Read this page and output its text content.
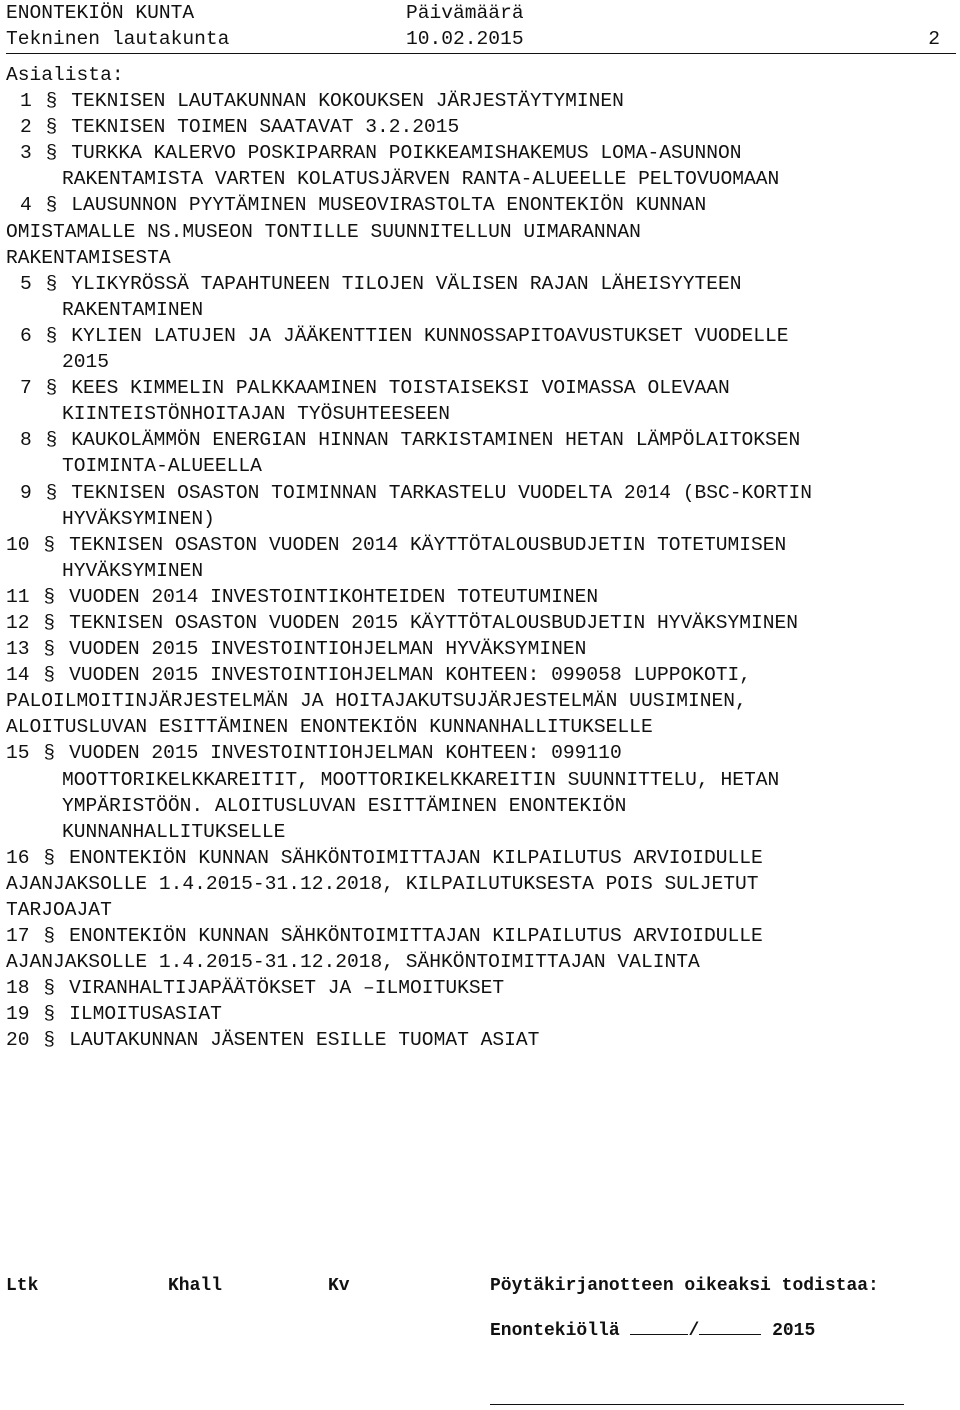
ENONTEKIÖN KUNTA
Tekninen lautakunta
Päivämäärä
10.02.2015	2
Asialista:
1 § TEKNISEN LAUTAKUNNAN KOKOUKSEN JÄRJESTÄYTYMINEN
2 § TEKNISEN TOIMEN SAATAVAT 3.2.2015
3 § TURKKA KALERVO POSKIPARRAN POIKKEAMISHAKEMUS LOMA-ASUNNON
RAKENTAMISTA VARTEN KOLATUSJÄRVEN RANTA-ALUEELLE PELTOVUOMAAN
4 § LAUSUNNON PYYTÄMINEN MUSEOVIRASTOLTA ENONTEKIÖN KUNNAN
OMISTAMALLE NS.MUSEON TONTILLE SUUNNITELLUN UIMARANNAN
RAKENTAMISESTA
5 § YLIKYRÖSSÄ TAPAHTUNEEN TILOJEN VÄLISEN RAJAN LÄHEISYYTEEN
RAKENTAMINEN
6 § KYLIEN LATUJEN JA JÄÄKENTTIEN KUNNOSSAPITOAVUSTUKSET VUODELLE
2015
7 § KEES KIMMELIN PALKKAAMINEN TOISTAISEKSI VOIMASSA OLEVAAN
KIINTEISTÖNHOITAJAN TYÖSUHTEESEEN
8 § KAUKOLÄMMÖN ENERGIAN HINNAN TARKISTAMINEN HETAN LÄMPÖLAITOKSEN
TOIMINTA-ALUEELLA
9 § TEKNISEN OSASTON TOIMINNAN TARKASTELU VUODELTA 2014 (BSC-KORTIN
HYVÄKSYMINEN)
10 § TEKNISEN OSASTON VUODEN 2014 KÄYTTÖTALOUSBUDJETIN TOTETUMISEN
HYVÄKSYMINEN
11 § VUODEN 2014 INVESTOINTIKOHTEIDEN TOTEUTUMINEN
12 § TEKNISEN OSASTON VUODEN 2015 KÄYTTÖTALOUSBUDJETIN HYVÄKSYMINEN
13 § VUODEN 2015 INVESTOINTIOHJELMAN HYVÄKSYMINEN
14 § VUODEN 2015 INVESTOINTIOHJELMAN KOHTEEN: 099058 LUPPOKOTI,
PALOILMOITINJÄRJESTELMÄN JA HOITAJAKUTSUJÄRJESTELMÄN UUSIMINEN,
ALOITUSLUVAN ESITTÄMINEN ENONTEKIÖN KUNNANHALLITUKSELLE
15 § VUODEN 2015 INVESTOINTIOHJELMAN KOHTEEN: 099110
MOOTTORIKELKKAREITIT, MOOTTORIKELKKAREITIN SUUNNITTELU, HETAN
YMPÄRISTÖÖN. ALOITUSLUVAN ESITTÄMINEN ENONTEKIÖN
KUNNANHALLITUKSELLE
16 § ENONTEKIÖN KUNNAN SÄHKÖNTOIMITTAJAN KILPAILUTUS ARVIOIDULLE
AJANJAKSOLLE 1.4.2015-31.12.2018, KILPAILUTUKSESTA POIS SULJETUT
TARJOAJAT
17 § ENONTEKIÖN KUNNAN SÄHKÖNTOIMITTAJAN KILPAILUTUS ARVIOIDULLE
AJANJAKSOLLE 1.4.2015-31.12.2018, SÄHKÖNTOIMITTAJAN VALINTA
18 § VIRANHALTIJAPÄÄTÖKSET JA –ILMOITUKSET
19 § ILMOITUSASIAT
20 § LAUTAKUNNAN JÄSENTEN ESILLE TUOMAT ASIAT
Ltk	Khall	Kv	Pöytäkirjanotteen oikeaksi todistaa:
Enontekiöllä	/	2015
